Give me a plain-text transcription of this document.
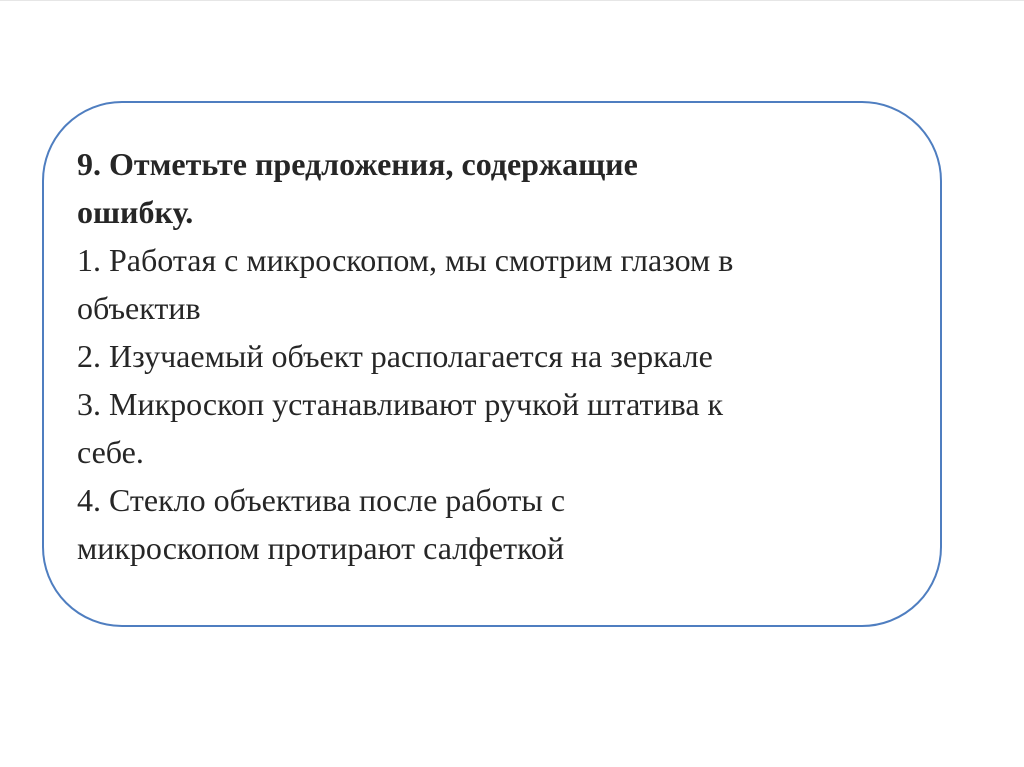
9. Отметьте предложения, содержащие
ошибку.
1. Работая с микроскопом, мы смотрим глазом в
объектив
2. Изучаемый объект располагается на зеркале
3. Микроскоп устанавливают ручкой штатива к
себе.
4. Стекло объектива после работы с
микроскопом протирают салфеткой
